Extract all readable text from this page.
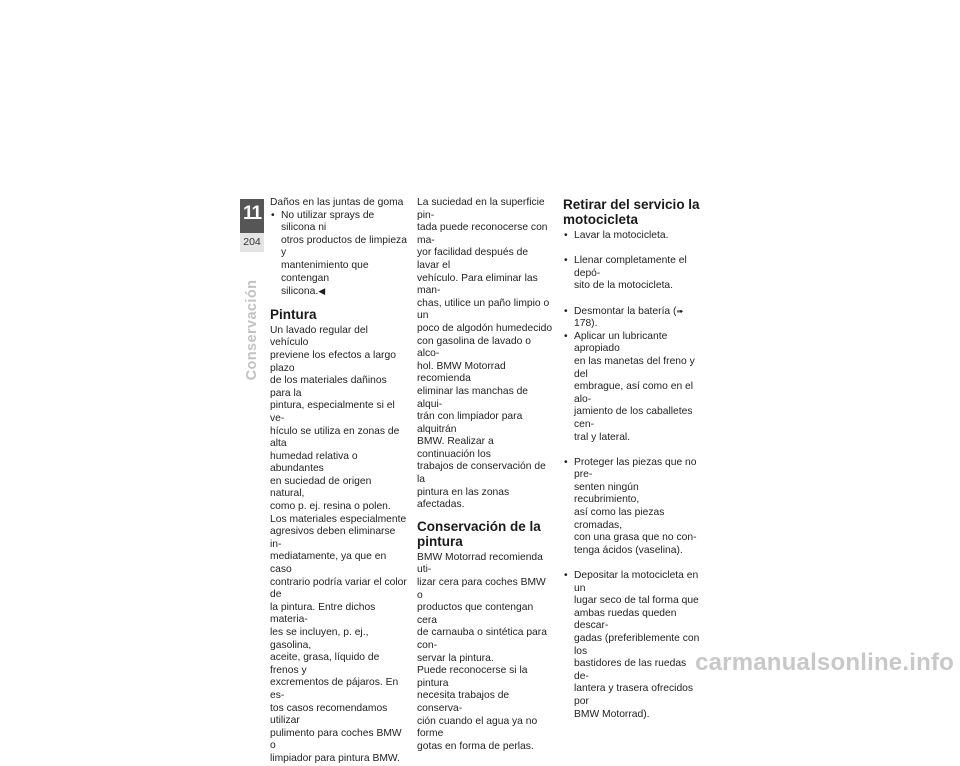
11
204
Conservación

Daños en las juntas de goma

• No utilizar sprays de silicona ni
otros productos de limpieza y
mantenimiento que contengan
silicona.◀
Pintura

Un lavado regular del vehículo
previene los efectos a largo plazo
de los materiales dañinos para la
pintura, especialmente si el ve-
hículo se utiliza en zonas de alta
humedad relativa o abundantes
en suciedad de origen natural,
como p. ej. resina o polen.
Los materiales especialmente
agresivos deben eliminarse in-
mediatamente, ya que en caso
contrario podría variar el color de
la pintura. Entre dichos materia-
les se incluyen, p. ej., gasolina,
aceite, grasa, líquido de frenos y
excrementos de pájaros. En es-
tos casos recomendamos utilizar
pulimento para coches BMW o
limpiador para pintura BMW.

La suciedad en la superficie pin-
tada puede reconocerse con ma-
yor facilidad después de lavar el
vehículo. Para eliminar las man-
chas, utilice un paño limpio o un
poco de algodón humedecido
con gasolina de lavado o alco-
hol. BMW Motorrad recomienda
eliminar las manchas de alqui-
trán con limpiador para alquitrán
BMW. Realizar a continuación los
trabajos de conservación de la
pintura en las zonas afectadas.

Conservación de la
pintura

BMW Motorrad recomienda uti-
lizar cera para coches BMW o
productos que contengan cera
de carnauba o sintética para con-
servar la pintura.
Puede reconocerse si la pintura
necesita trabajos de conserva-
ción cuando el agua ya no forme
gotas en forma de perlas.

Retirar del servicio la
motocicleta
• Lavar la motocicleta.
• Llenar completamente el depó-
sito de la motocicleta.
• Desmontar la batería (➠ 178).
• Aplicar un lubricante apropiado
en las manetas del freno y del
embrague, así como en el alo-
jamiento de los caballetes cen-
tral y lateral.
• Proteger las piezas que no pre-
senten ningún recubrimiento,
así como las piezas cromadas,
con una grasa que no con-
tenga ácidos (vaselina).
• Depositar la motocicleta en un
lugar seco de tal forma que
ambas ruedas queden descar-
gadas (preferiblemente con los
bastidores de las ruedas de-
lantera y trasera ofrecidos por
BMW Motorrad).
carmanualsonline.info
